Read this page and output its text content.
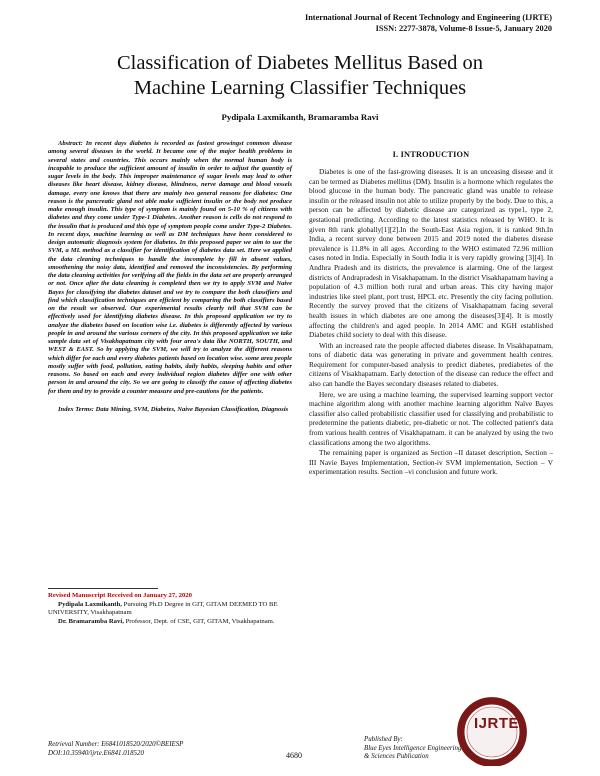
International Journal of Recent Technology and Engineering (IJRTE)
ISSN: 2277-3878, Volume-8 Issue-5, January 2020
Classification of Diabetes Mellitus Based on
Machine Learning Classifier Techniques
Pydipala Laxmikanth, Bramaramba Ravi

Abstract: In recent days diabetes is recorded as fastest growingst common disease among several diseases in the world. It became one of the major health problems in several states and countries. This occurs mainly when the normal human body is incapable to produce the sufficient amount of insulin in order to adjust the quantity of sugar levels in the body. This improper maintenance of sugar levels may lead to other diseases like heart disease, kidney disease, blindness, nerve damage and blood vessels damage. every one knows that there are mainly two general reasons for diabetes: One reason is the pancreatic gland not able make sufficient insulin or the body not produce make enough insulin. This type of symptom is mainly found on 5-10 % of citizens with diabetes and they come under Type-1 Diabetes. Another reason is cells do not respond to the insulin that is produced and this type of symptom people come under Type-2 Diabetes. In recent days, machine learning as well as DM techniques have been considered to design automatic diagnosis system for diabetes. In this proposed paper we aim to use the SVM, a ML method as a classifier for identification of diabetes data set. Here we applied the data cleaning techniques to handle the incomplete by fill in absent values, smoothening the noisy data, identified and removed the inconsistencies. By performing the data cleaning activities for verifying all the fields in the data set are properly arranged or not. Once after the data cleaning is completed then we try to apply SVM and Naive Bayes for classifying the diabetes dataset and we try to compare the both classifiers and find which classification techniques are efficient by comparing the both classifiers based on the result we observed. Our experimental results clearly tell that SVM can be effectively used for identifying diabetes disease. In this proposed application we try to analyze the diabetes based on location wise i.e. diabetes is differently affected by various people in and around the various corners of the city. In this proposed application we take sample data set of Visakhapatnam city with four area's data like NORTH, SOUTH, and WEST & EAST. So by applying the SVM, we will try to analyze the different reasons which differ for each and every diabetes patients based on location wise. some area people mostly suffer with food, pollution, eating habits, daily habits, sleeping habits and other reasons. So based on each and every individual region diabetes differ one with other person in and around the city. So we are going to classify the cause of affecting diabetes for them and try to provide a counter measure and pre-cautions for the patients.

Index Terms: Data Mining, SVM, Diabetes, Naive Bayesian Classification, Diagnosis

Revised Manuscript Received on January 27, 2020

Pydipala Laxmikanth, Pursuing Ph.D Degree in GIT, GITAM DEEMED TO BE UNIVERSITY, Visakhapatnam

Dr. Bramaramba Ravi, Professor, Dept. of CSE, GIT, GITAM, Visakhapatnam.

I. INTRODUCTION

Diabetes is one of the fast-growing diseases. It is an unceasing disease and it can be termed as Diabetes mellitus (DM). Insulin is a hormone which regulates the blood glucose in the human body. The pancreatic gland was unable to release insulin or the released insulin not able to utilize properly by the body. Due to this, a person can be affected by diabetic disease are categorized as type1, type 2, gestational predicting. According to the latest statistics released by WHO. It is given 8th rank globally[1][2].In the South-East Asia region, it is ranked 9th.In India, a recent survey done between 2015 and 2019 noted the diabetes disease prevalence is 11.8% in all ages. According to the WHO estimated 72.96 million cases noted in India. Especially in South India it is very rapidly growing [3][4]. In Andhra Pradesh and its districts, the prevalence is alarming. One of the largest districts of Andrapradesh in Visakhapatnam. In the district Visakhapatnam having a population of 4.3 million both rural and urban areas. This city having major industries like steel plant, port trust, HPCL etc. Presently the city facing pollution. Recently the survey proved that the citizens of Visakhapatnam facing several health issues in which diabetes are one among the diseases[3][4]. It is mostly affecting the children's and aged people. In 2014 AMC and KGH established Diabetes child society to deal with this disease.

With an increased rate the people affected diabetes disease. In Visakhapatnam, tons of diabetic data was generating in private and government health centres. Requirement for computer-based analysis to predict diabetes, prediabetes of the citizens of Visakhapatnam. Early detection of the disease can reduce the effect and also can handle the Bayes secondary diseases related to diabetes.

Here, we are using a machine learning, the supervised learning support vector machine algorithm along with another machine learning algorithm Naïve Bayes classifier also called probabilistic classifier used for classifying and probabilistic to predetermine the patients diabetic, pre-diabetic or not. The collected patient's data from various health centres of Visakhapatnam. it can be analyzed by using the two classifications among the two algorithms.

The remaining paper is organized as Section –II dataset description, Section –III Navie Bayes Implementation, Section-iv SVM implementation, Section – V experimentation results. Section –vi conclusion and future work.

Retrieval Number: E6841018520/2020©BEIESP
DOI:10.35940/ijrte.E6841.018520	4680
Published By:
Blue Eyes Intelligence Engineering
& Sciences Publication
IJRTE
